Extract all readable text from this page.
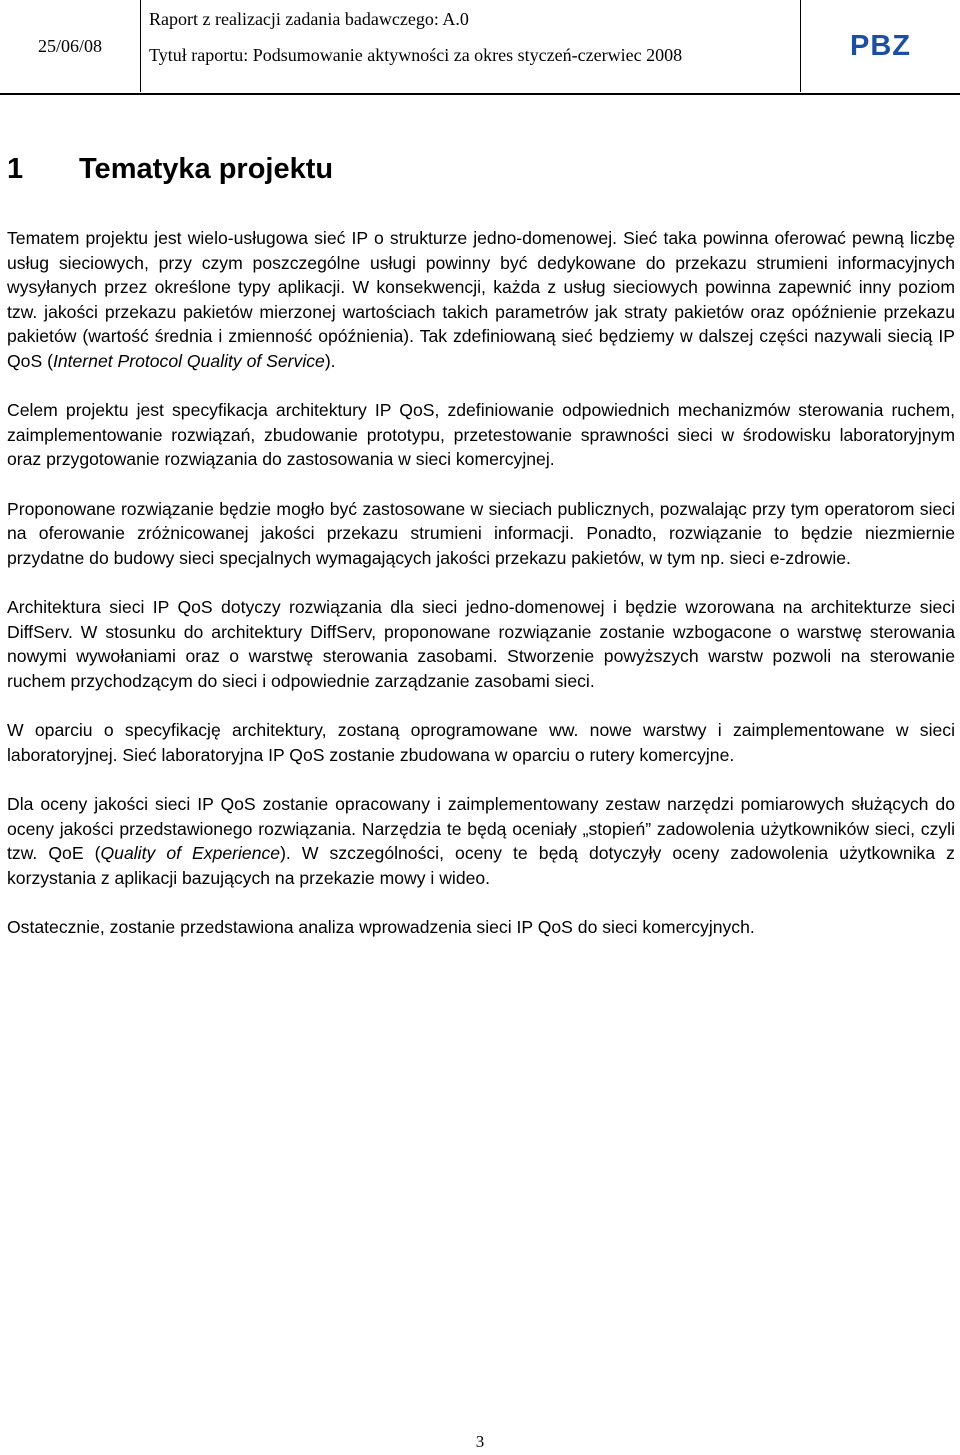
25/06/08
Raport z realizacji zadania badawczego: A.0
Tytuł raportu: Podsumowanie aktywności za okres styczeń-czerwiec 2008	PBZ
1 Tematyka projektu

Tematem projektu jest wielo-usługowa sieć IP o strukturze jedno-domenowej. Sieć taka powinna oferować pewną liczbę usług sieciowych, przy czym poszczególne usługi powinny być dedykowane do przekazu strumieni informacyjnych wysyłanych przez określone typy aplikacji. W konsekwencji, każda z usług sieciowych powinna zapewnić inny poziom tzw. jakości przekazu pakietów mierzonej wartościach takich parametrów jak straty pakietów oraz opóźnienie przekazu pakietów (wartość średnia i zmienność opóźnienia). Tak zdefiniowaną sieć będziemy w dalszej części nazywali siecią IP QoS (Internet Protocol Quality of Service).

Celem projektu jest specyfikacja architektury IP QoS, zdefiniowanie odpowiednich mechanizmów sterowania ruchem, zaimplementowanie rozwiązań, zbudowanie prototypu, przetestowanie sprawności sieci w środowisku laboratoryjnym oraz przygotowanie rozwiązania do zastosowania w sieci komercyjnej.

Proponowane rozwiązanie będzie mogło być zastosowane w sieciach publicznych, pozwalając przy tym operatorom sieci na oferowanie zróżnicowanej jakości przekazu strumieni informacji. Ponadto, rozwiązanie to będzie niezmiernie przydatne do budowy sieci specjalnych wymagających jakości przekazu pakietów, w tym np. sieci e-zdrowie.

Architektura sieci IP QoS dotyczy rozwiązania dla sieci jedno-domenowej i będzie wzorowana na architekturze sieci DiffServ. W stosunku do architektury DiffServ, proponowane rozwiązanie zostanie wzbogacone o warstwę sterowania nowymi wywołaniami oraz o warstwę sterowania zasobami. Stworzenie powyższych warstw pozwoli na sterowanie ruchem przychodzącym do sieci i odpowiednie zarządzanie zasobami sieci.

W oparciu o specyfikację architektury, zostaną oprogramowane ww. nowe warstwy i zaimplementowane w sieci laboratoryjnej. Sieć laboratoryjna IP QoS zostanie zbudowana w oparciu o rutery komercyjne.

Dla oceny jakości sieci IP QoS zostanie opracowany i zaimplementowany zestaw narzędzi pomiarowych służących do oceny jakości przedstawionego rozwiązania. Narzędzia te będą oceniały „stopień” zadowolenia użytkowników sieci, czyli tzw. QoE (Quality of Experience). W szczególności, oceny te będą dotyczyły oceny zadowolenia użytkownika z korzystania z aplikacji bazujących na przekazie mowy i wideo.

Ostatecznie, zostanie przedstawiona analiza wprowadzenia sieci IP QoS do sieci komercyjnych.

3
